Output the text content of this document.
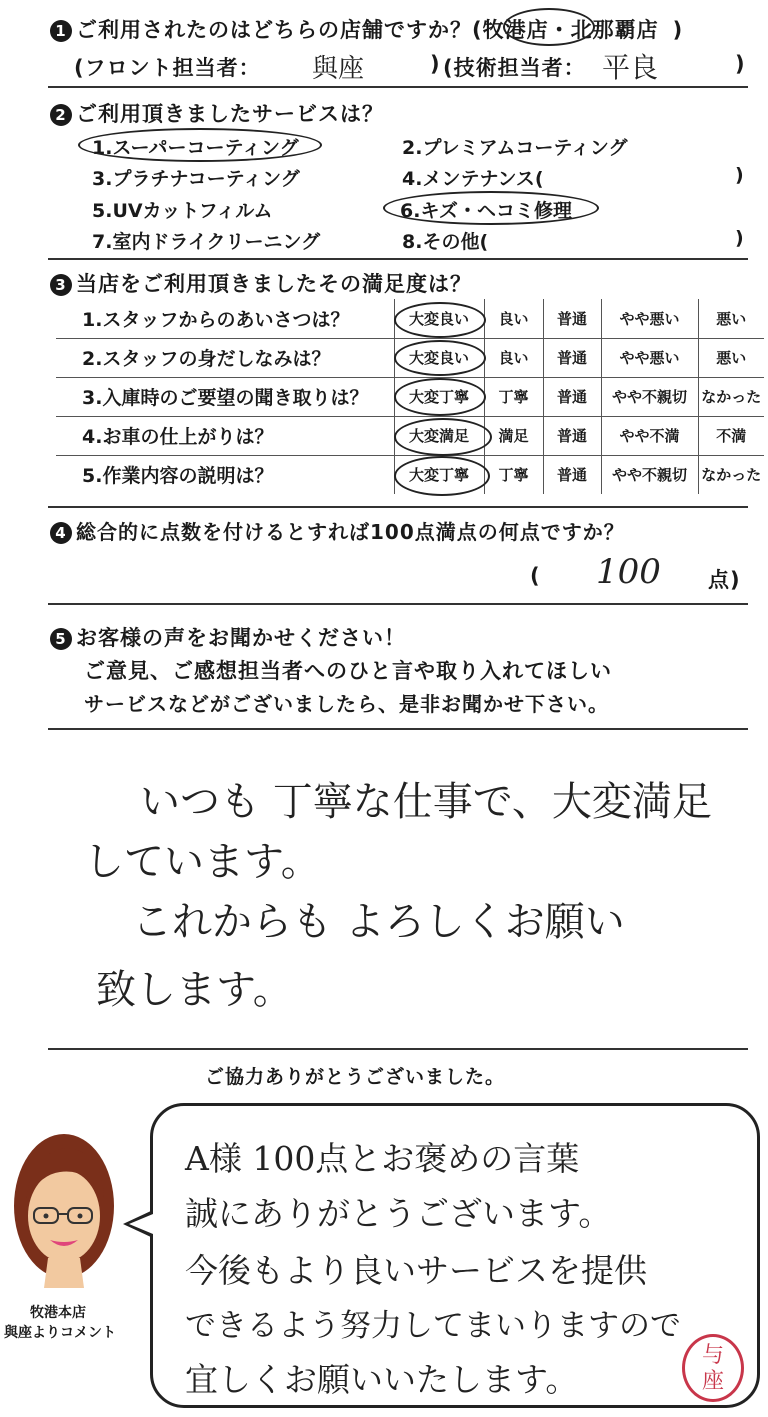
1 ご利用されたのはどちらの店舗ですか？(牧港店・北那覇店 )
(フロント担当者： 與座	) (技術担当者： 平良	)
2 ご利用頂きましたサービスは？
1.スーパーコーティング	2.プレミアムコーティング
3.プラチナコーティング	4.メンテナンス(	)
5.UVカットフィルム	6.キズ・ヘコミ修理
7.室内ドライクリーニング	8.その他(	)
3 当店をご利用頂きましたその満足度は？
1.スタッフからのあいさつは？	大変良い	良い	普通	やや悪い	悪い
2.スタッフの身だしなみは？	大変良い	良い	普通	やや悪い	悪い
3.入庫時のご要望の聞き取りは？	大変丁寧	丁寧	普通	やや不親切	なかった
4.お車の仕上がりは？	大変満足	満足	普通	やや不満	不満
5.作業内容の説明は？	大変丁寧	丁寧	普通	やや不親切	なかった
4 総合的に点数を付けるとすれば100点満点の何点ですか？
( 100 点)
5 お客様の声をお聞かせください！
ご意見、ご感想担当者へのひと言や取り入れてほしい
サービスなどがございましたら、是非お聞かせ下さい。
いつも 丁寧な仕事で、大変満足
しています。
これからも よろしくお願い
致します。
ご協力ありがとうございました。
牧港本店
與座よりコメント
A様 100点とお褒めの言葉
誠にありがとうございます。
今後もより良いサービスを提供
できるよう努力してまいりますので
宜しくお願いいたします。
与
座
